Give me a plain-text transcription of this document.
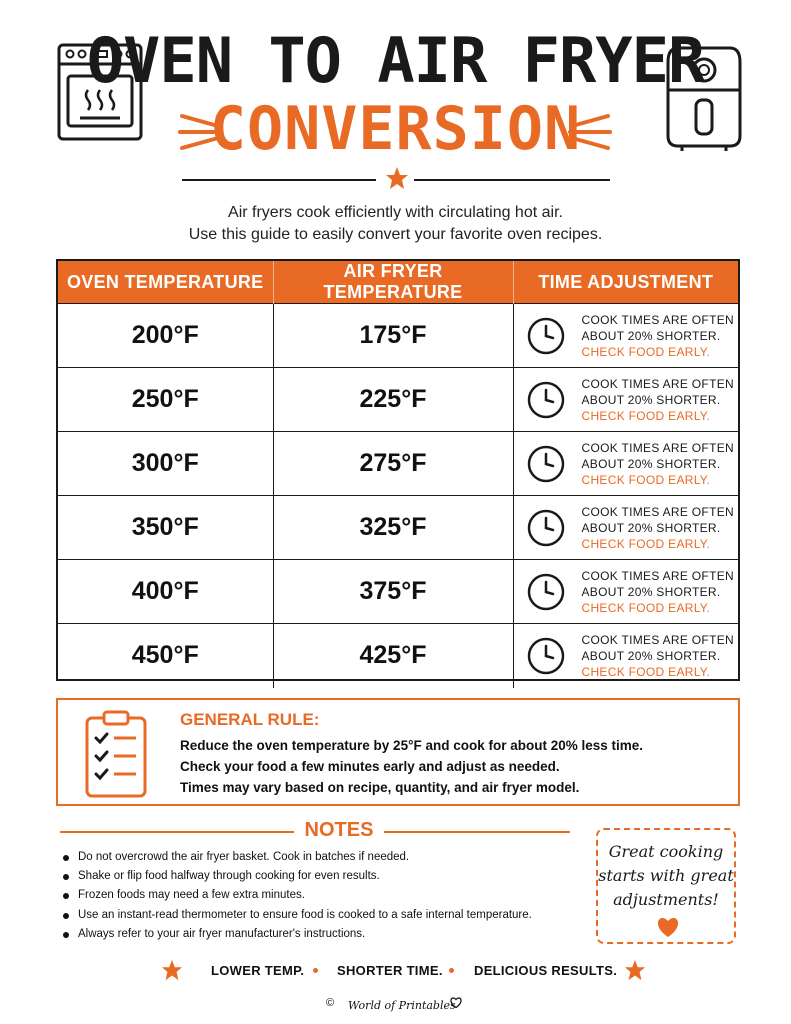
OVEN TO AIR FRYER
CONVERSION
Air fryers cook efficiently with circulating hot air.
Use this guide to easily convert your favorite oven recipes.
OVEN TEMPERATURE	AIR FRYER TEMPERATURE	TIME ADJUSTMENT
200°F	175°F	COOK TIMES ARE OFTEN
ABOUT 20% SHORTER.
CHECK FOOD EARLY.

250°F	225°F	COOK TIMES ARE OFTEN
ABOUT 20% SHORTER.
CHECK FOOD EARLY.

300°F	275°F	COOK TIMES ARE OFTEN
ABOUT 20% SHORTER.
CHECK FOOD EARLY.

350°F	325°F	COOK TIMES ARE OFTEN
ABOUT 20% SHORTER.
CHECK FOOD EARLY.

400°F	375°F	COOK TIMES ARE OFTEN
ABOUT 20% SHORTER.
CHECK FOOD EARLY.

450°F	425°F	COOK TIMES ARE OFTEN
ABOUT 20% SHORTER.
CHECK FOOD EARLY.
GENERAL RULE:
Reduce the oven temperature by 25°F and cook for about 20% less time.
Check your food a few minutes early and adjust as needed.
Times may vary based on recipe, quantity, and air fryer model.
NOTES
Do not overcrowd the air fryer basket. Cook in batches if needed.
Shake or flip food halfway through cooking for even results.
Frozen foods may need a few extra minutes.
Use an instant-read thermometer to ensure food is cooked to a safe internal temperature.
Always refer to your air fryer manufacturer's instructions.
Great cooking
starts with great
adjustments!
LOWER TEMP.	SHORTER TIME. DELICIOUS RESULTS.
© World of Printables
